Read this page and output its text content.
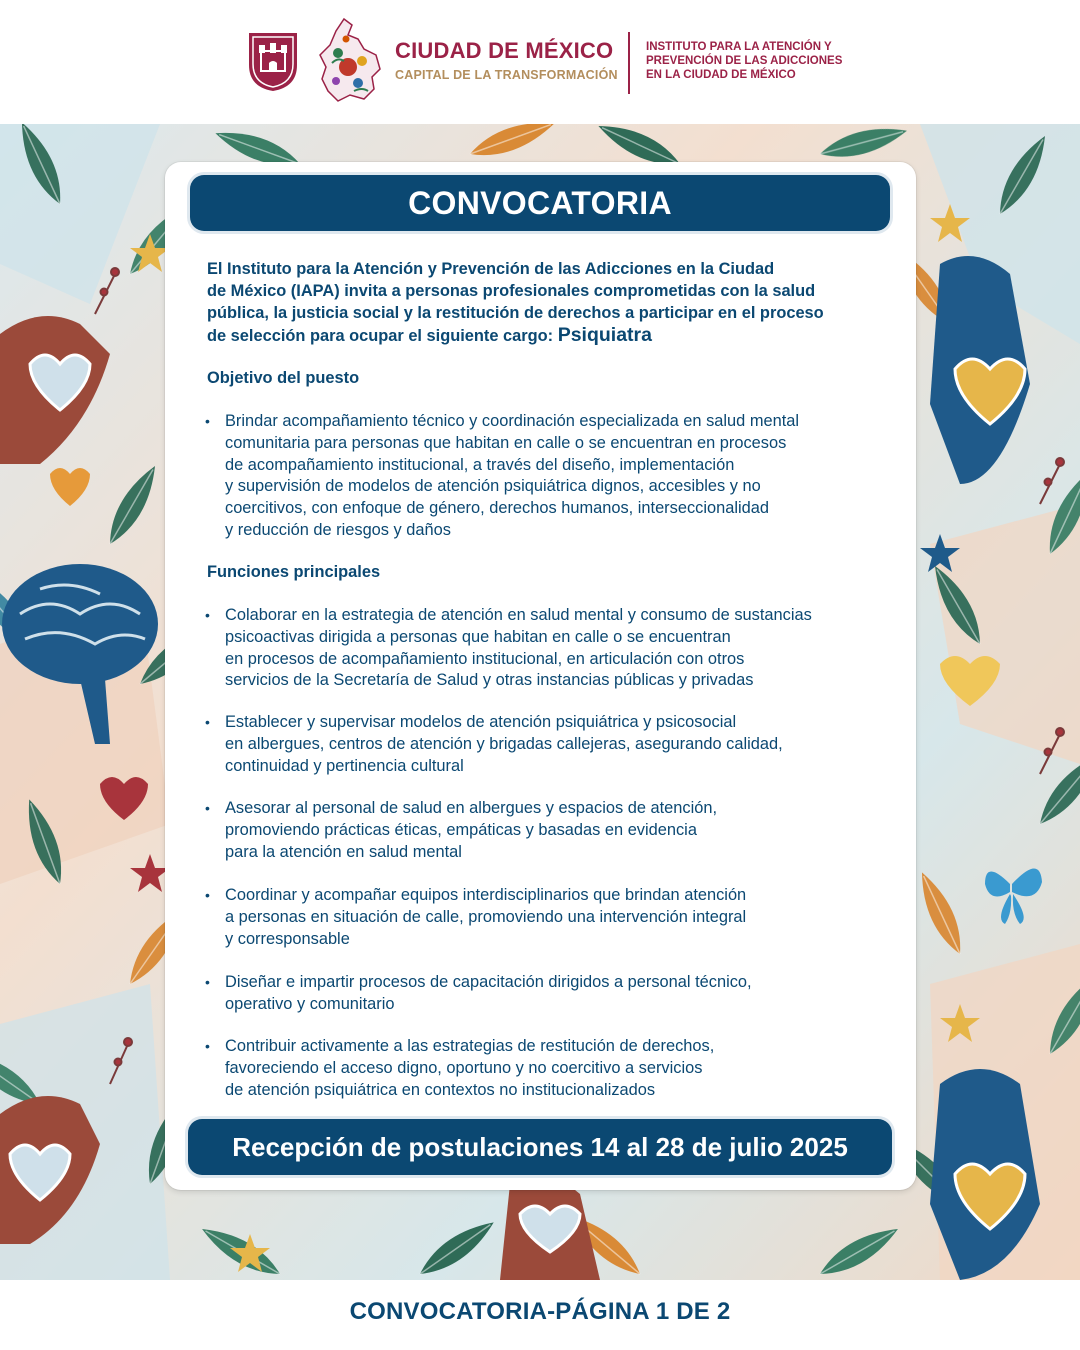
CIUDAD DE MÉXICO
CAPITAL DE LA TRANSFORMACIÓN
INSTITUTO PARA LA ATENCIÓN Y
PREVENCIÓN DE LAS ADICCIONES
EN LA CIUDAD DE MÉXICO
CONVOCATORIA
El Instituto para la Atención y Prevención de las Adicciones en la Ciudad
de México (IAPA) invita a personas profesionales comprometidas con la salud
pública, la justicia social y la restitución de derechos a participar en el proceso
de selección para ocupar el siguiente cargo: Psiquiatra
Objetivo del puesto
• Brindar acompañamiento técnico y coordinación especializada en salud mental
comunitaria para personas que habitan en calle o se encuentran en procesos
de acompañamiento institucional, a través del diseño, implementación
y supervisión de modelos de atención psiquiátrica dignos, accesibles y no
coercitivos, con enfoque de género, derechos humanos, interseccionalidad
y reducción de riesgos y daños
Funciones principales
• Colaborar en la estrategia de atención en salud mental y consumo de sustancias
psicoactivas dirigida a personas que habitan en calle o se encuentran
en procesos de acompañamiento institucional, en articulación con otros
servicios de la Secretaría de Salud y otras instancias públicas y privadas
• Establecer y supervisar modelos de atención psiquiátrica y psicosocial
en albergues, centros de atención y brigadas callejeras, asegurando calidad,
continuidad y pertinencia cultural
• Asesorar al personal de salud en albergues y espacios de atención,
promoviendo prácticas éticas, empáticas y basadas en evidencia
para la atención en salud mental
• Coordinar y acompañar equipos interdisciplinarios que brindan atención
a personas en situación de calle, promoviendo una intervención integral
y corresponsable
• Diseñar e impartir procesos de capacitación dirigidos a personal técnico,
operativo y comunitario
• Contribuir activamente a las estrategias de restitución de derechos,
favoreciendo el acceso digno, oportuno y no coercitivo a servicios
de atención psiquiátrica en contextos no institucionalizados
Recepción de postulaciones 14 al 28 de julio 2025
CONVOCATORIA-PÁGINA 1 DE 2
